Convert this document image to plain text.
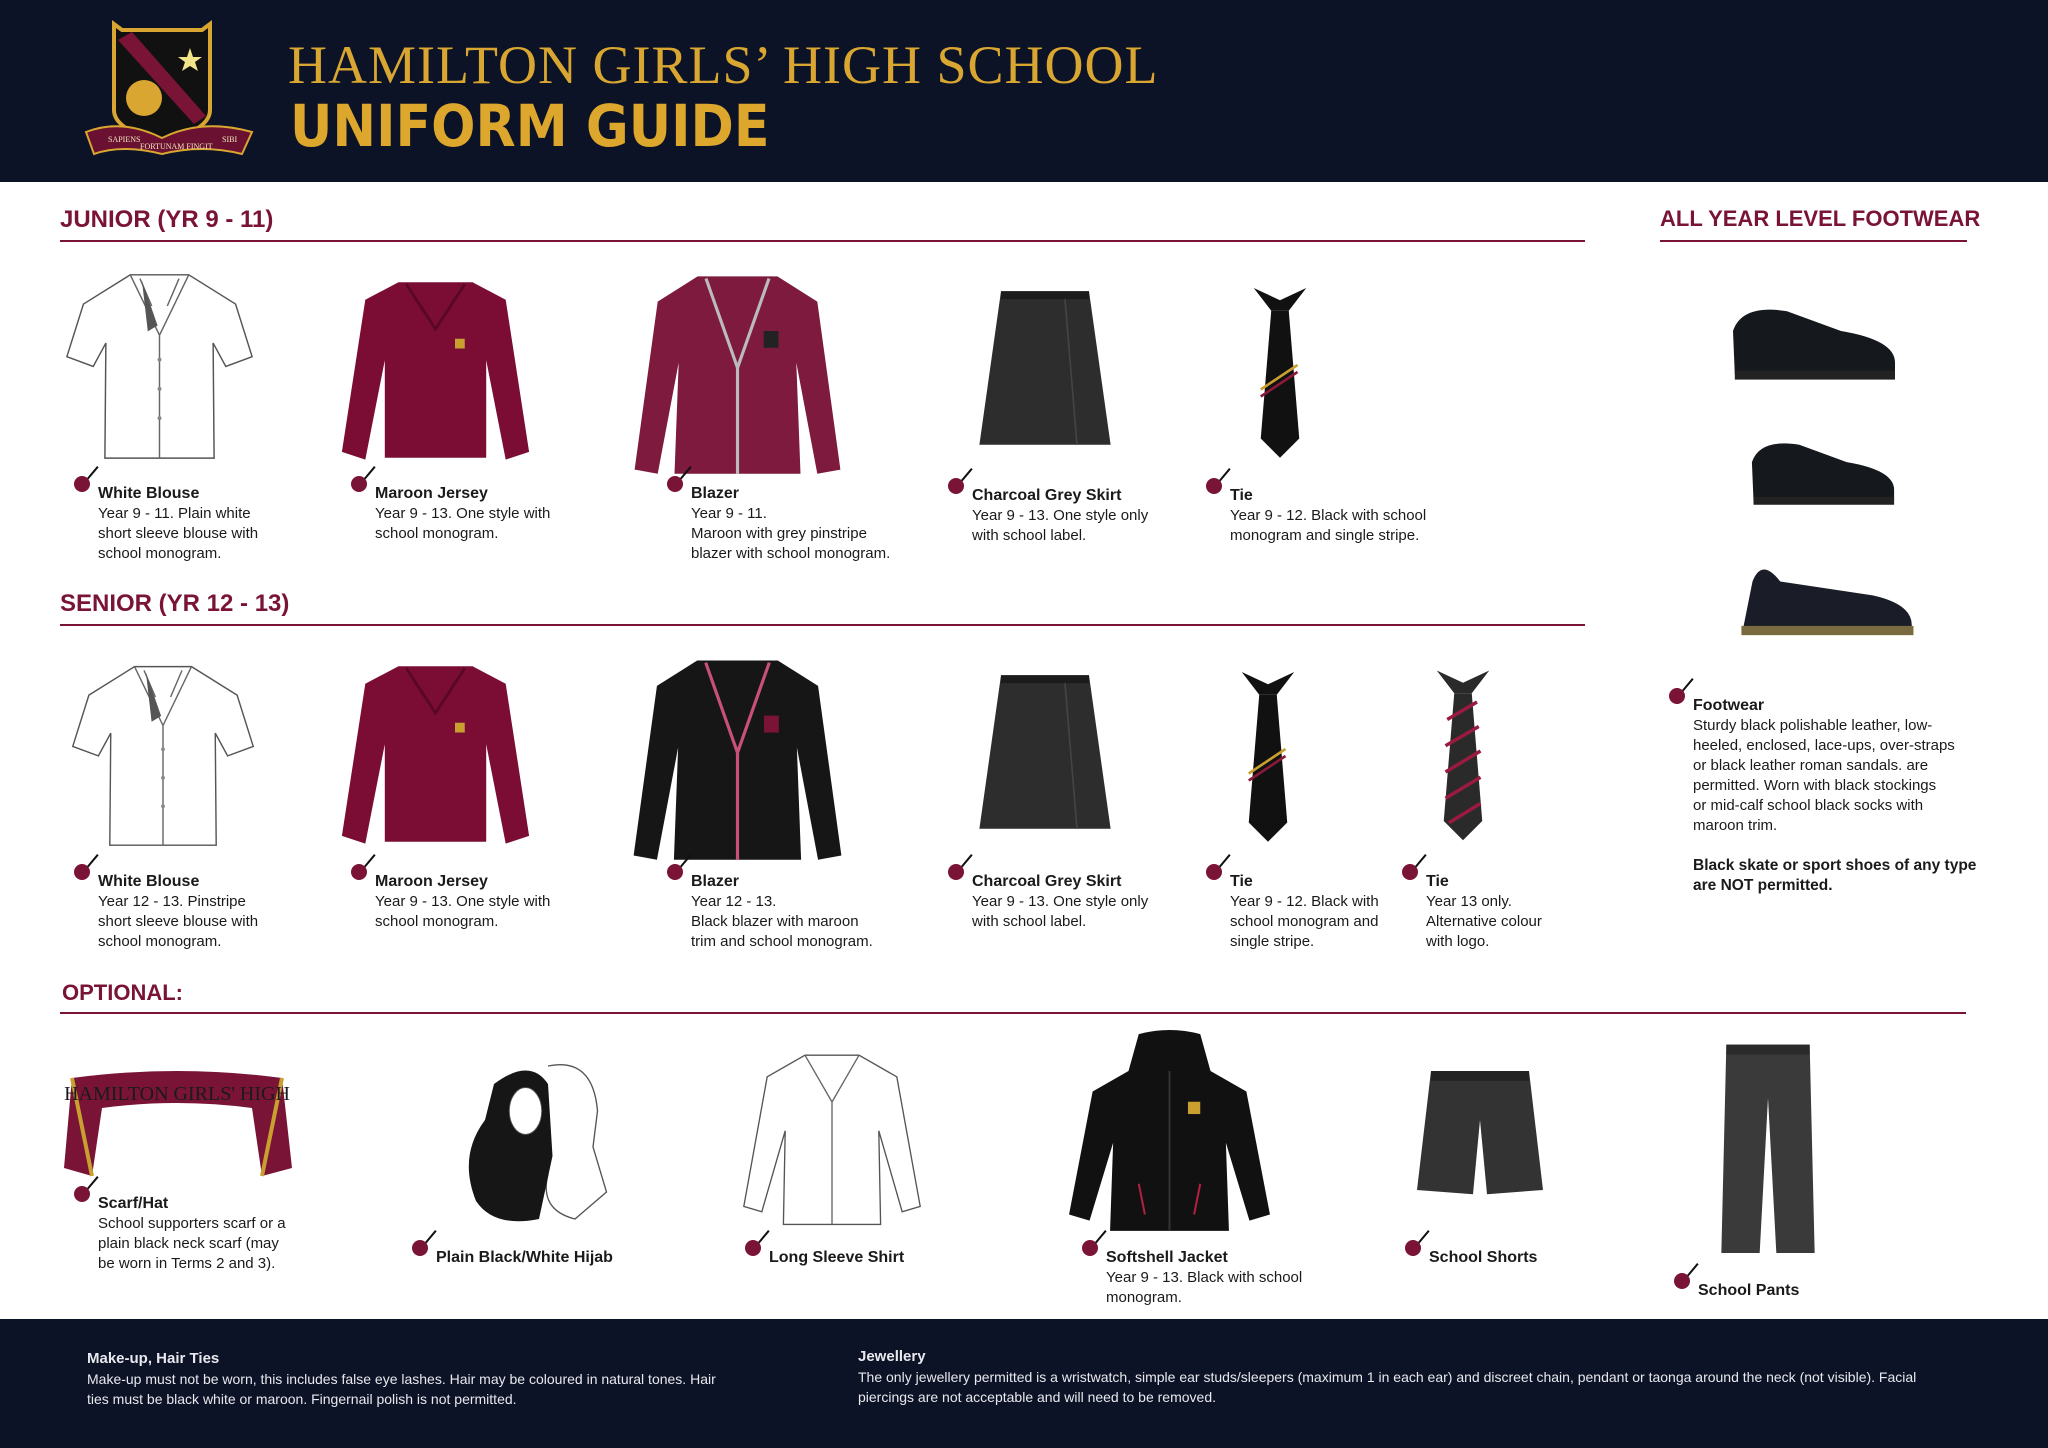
SAPIENS
FORTUNAM FINGIT
SIBI
HAMILTON GIRLS’ HIGH SCHOOL
UNIFORM GUIDE
JUNIOR (YR 9 - 11)
White Blouse
Year 9 - 11. Plain white
short sleeve blouse with
school monogram.
Maroon Jersey
Year 9 - 13. One style with
school monogram.
Blazer
Year 9 - 11.
Maroon with grey pinstripe
blazer with school monogram.
Charcoal Grey Skirt
Year 9 - 13. One style only
with school label.
Tie
Year 9 - 12. Black with school
monogram and single stripe.
SENIOR (YR 12 - 13)
White Blouse
Year 12 - 13. Pinstripe
short sleeve blouse with
school monogram.
Maroon Jersey
Year 9 - 13. One style with
school monogram.
Blazer
Year 12 - 13.
Black blazer with maroon
trim and school monogram.
Charcoal Grey Skirt
Year 9 - 13. One style only
with school label.
Tie
Year 9 - 12. Black with
school monogram and
single stripe.
Tie
Year 13 only.
Alternative colour
with logo.
ALL YEAR LEVEL FOOTWEAR
Footwear
Sturdy black polishable leather, low-
heeled, enclosed, lace-ups, over-straps
or black leather roman sandals. are
permitted. Worn with black stockings
or mid-calf school black socks with
maroon trim.
Black skate or sport shoes of any type are NOT permitted.
OPTIONAL:
HAMILTON GIRLS' HIGH
Scarf/Hat
School supporters scarf or a
plain black neck scarf (may
be worn in Terms 2 and 3).	Plain Black/White Hijab	Long Sleeve Shirt	Softshell Jacket
Year 9 - 13. Black with school
monogram.
School Shorts
School Pants
Make-up, Hair Ties
Make-up must not be worn, this includes false eye lashes. Hair may be coloured in natural tones. Hair ties must be black white or maroon. Fingernail polish is not permitted.
Jewellery
The only jewellery permitted is a wristwatch, simple ear studs/sleepers (maximum 1 in each ear) and discreet chain, pendant or taonga around the neck (not visible). Facial piercings are not acceptable and will need to be removed.
